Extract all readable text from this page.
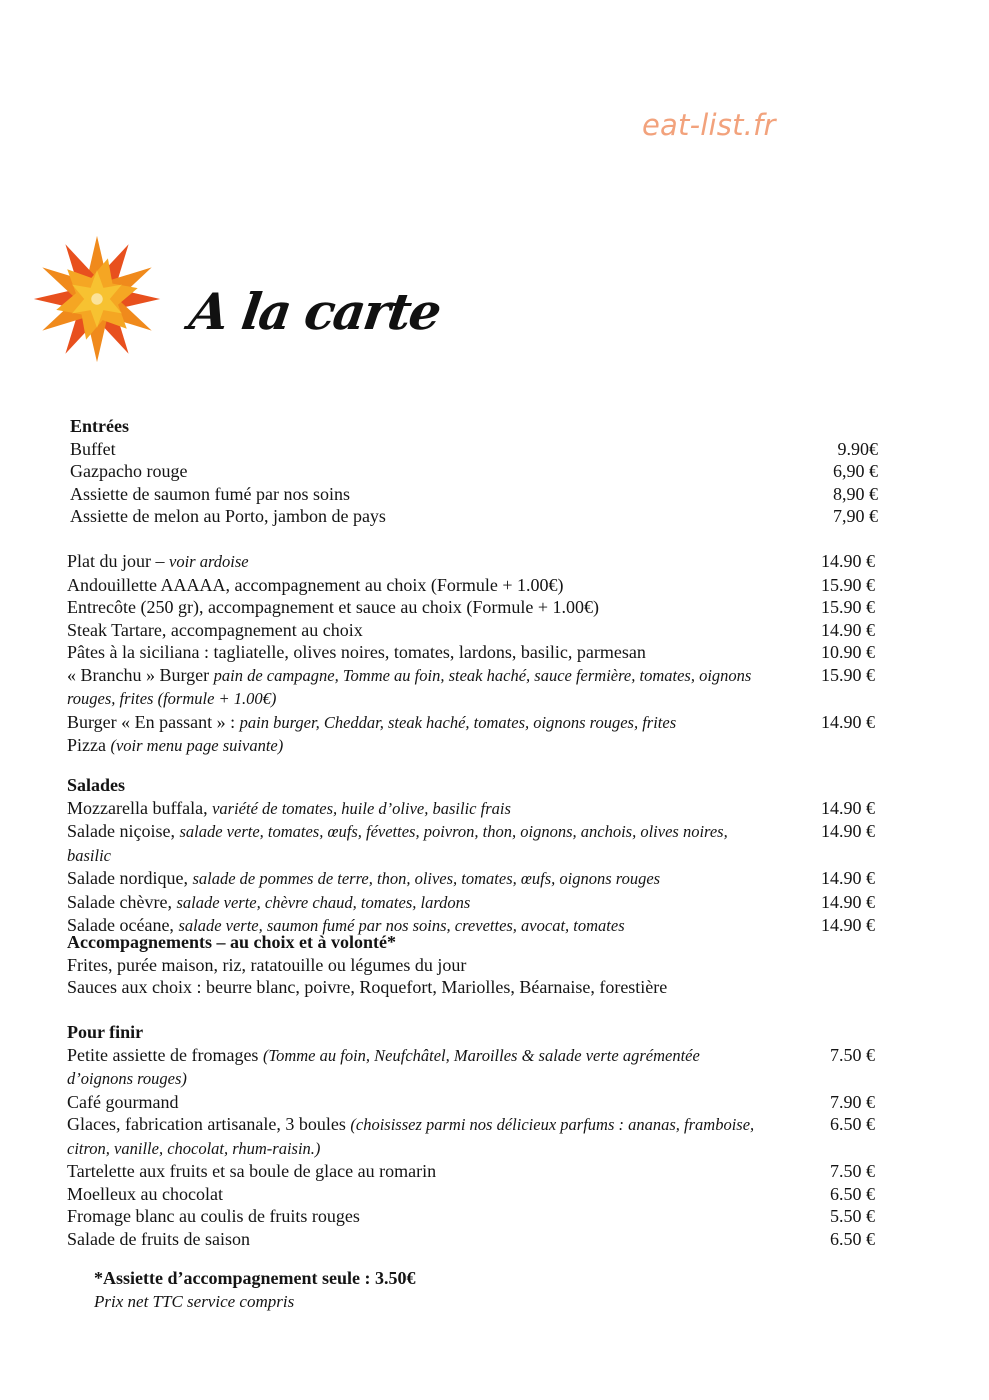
eat-list.fr
A la carte
Entrées
Buffet	9.90€
Gazpacho rouge	6,90 €
Assiette de saumon fumé par nos soins	8,90 €
Assiette de melon au Porto, jambon de pays	7,90 €
Plat du jour – voir ardoise	14.90 €
Andouillette AAAAA, accompagnement au choix (Formule + 1.00€)	15.90 €
Entrecôte (250 gr), accompagnement et sauce au choix (Formule + 1.00€)	15.90 €
Steak Tartare, accompagnement au choix	14.90 €
Pâtes à la siciliana : tagliatelle, olives noires, tomates, lardons, basilic, parmesan	10.90 €
« Branchu » Burger pain de campagne, Tomme au foin, steak haché, sauce fermière, tomates, oignons rouges, frites (formule + 1.00€)
15.90 €
Burger « En passant » : pain burger, Cheddar, steak haché, tomates, oignons rouges, frites	14.90 €
Pizza (voir menu page suivante)
Salades
Mozzarella buffala, variété de tomates, huile d’olive, basilic frais	14.90 €
Salade niçoise, salade verte, tomates, œufs, févettes, poivron, thon, oignons, anchois, olives noires, basilic
14.90 €
Salade nordique, salade de pommes de terre, thon, olives, tomates, œufs, oignons rouges	14.90 €
Salade chèvre, salade verte, chèvre chaud, tomates, lardons	14.90 €
Salade océane, salade verte, saumon fumé par nos soins, crevettes, avocat, tomates	14.90 €
Accompagnements – au choix et à volonté*
Frites, purée maison, riz, ratatouille ou légumes du jour
Sauces aux choix : beurre blanc, poivre, Roquefort, Mariolles, Béarnaise, forestière
Pour finir
Petite assiette de fromages (Tomme au foin, Neufchâtel, Maroilles & salade verte agrémentée d’oignons rouges)
7.50 €
Café gourmand	7.90 €
Glaces, fabrication artisanale, 3 boules (choisissez parmi nos délicieux parfums : ananas, framboise, citron, vanille, chocolat, rhum-raisin.)
6.50 €
Tartelette aux fruits et sa boule de glace au romarin	7.50 €
Moelleux au chocolat	6.50 €
Fromage blanc au coulis de fruits rouges	5.50 €
Salade de fruits de saison	6.50 €
*Assiette d’accompagnement seule : 3.50€
Prix net TTC service compris
